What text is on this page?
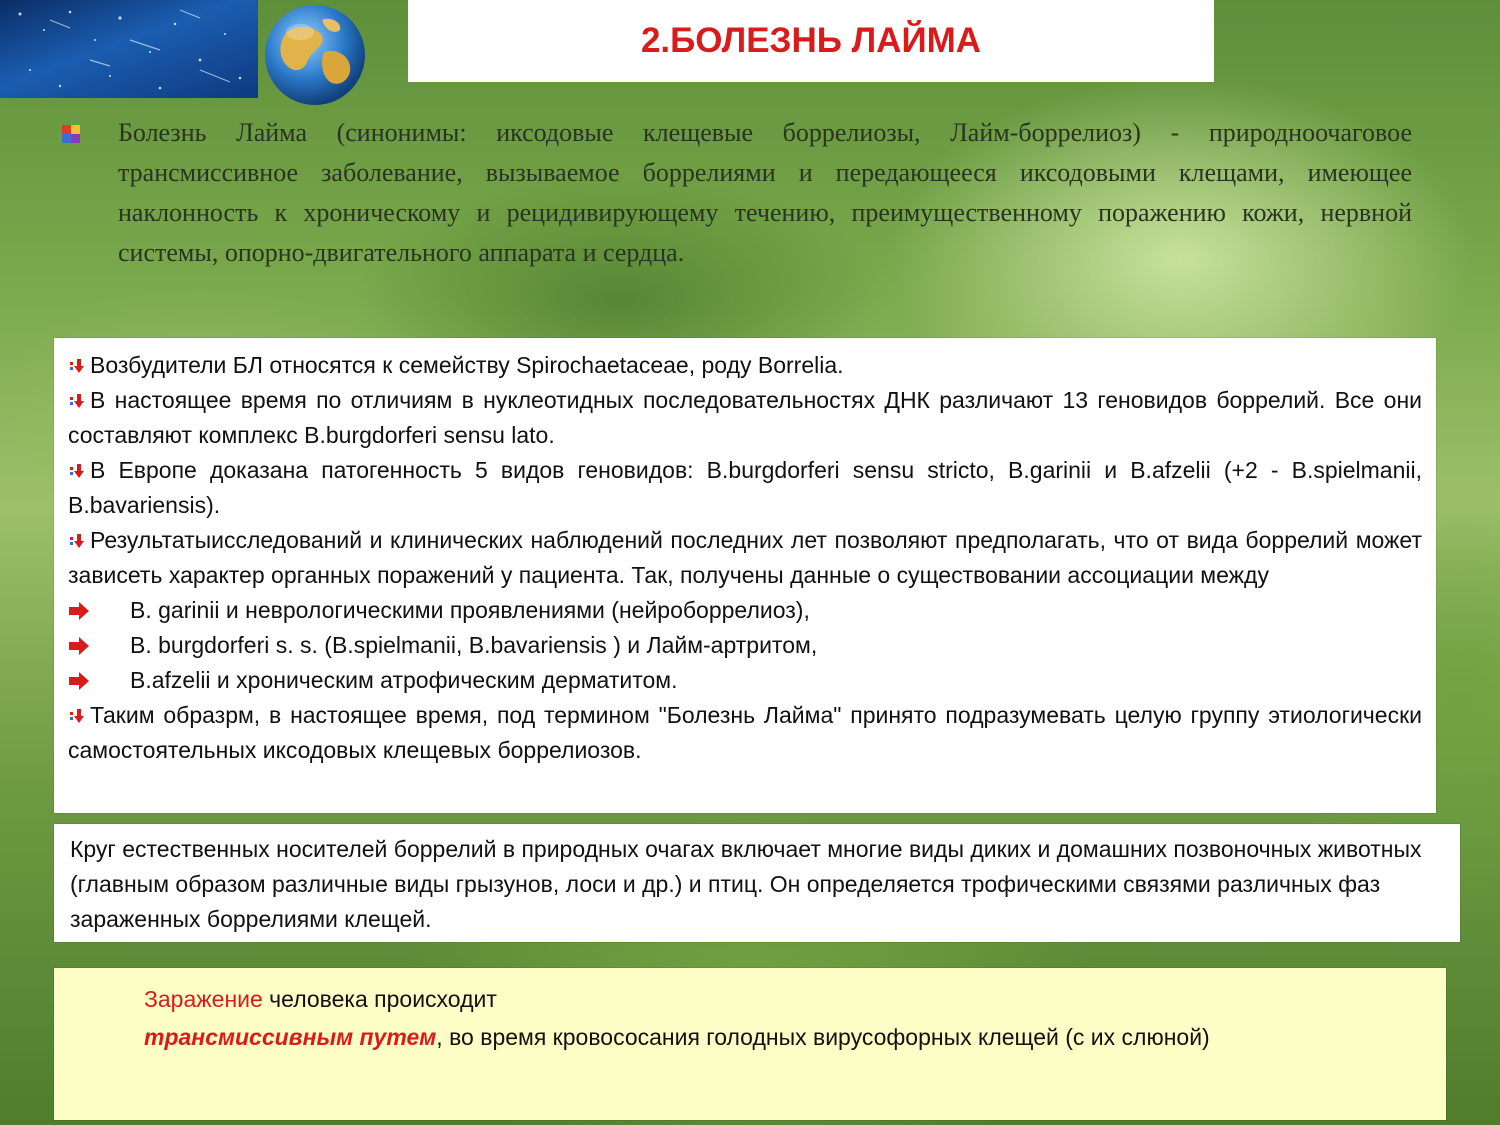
2.БОЛЕЗНЬ ЛАЙМА

Болезнь Лайма (синонимы: иксодовые клещевые боррелиозы, Лайм-боррелиоз) - природноочаговое трансмиссивное заболевание, вызываемое боррелиями и передающееся иксодовыми клещами, имеющее наклонность к хроническому и рецидивирующему течению, преимущественному поражению кожи, нервной системы, опорно-двигательного аппарата и сердца.

Возбудители БЛ относятся к семейству Spirochaetaceae, роду Borrelia.

В настоящее время по отличиям в нуклеотидных последовательностях ДНК различают 13 геновидов боррелий. Все они составляют комплекс B.burgdorferi sensu lato.

В Европе доказана патогенность 5 видов геновидов: B.burgdorferi sensu stricto, B.garinii и B.afzelii (+2 - B.spielmanii, B.bavariensis).

Результатыисследований и клинических наблюдений последних лет позволяют предполагать, что от вида боррелий может зависеть характер органных поражений у пациента. Так, получены данные о существовании ассоциации между

B. garinii и неврологическими проявлениями (нейроборрелиоз),
B. burgdorferi s. s. (B.spielmanii, B.bavariensis ) и Лайм-артритом,
B.afzelii и хроническим атрофическим дерматитом.

Таким образрм, в настоящее время, под термином "Болезнь Лайма" принято подразумевать целую группу этиологически самостоятельных иксодовых клещевых боррелиозов.

Круг естественных носителей боррелий в природных очагах включает многие виды диких и домашних позвоночных животных (главным образом различные виды грызунов, лоси и др.) и птиц. Он определяется трофическими связями различных фаз зараженных боррелиями клещей.

Заражение человека происходит

трансмиссивным путем, во время кровососания голодных вирусофорных клещей (с их слюной)
